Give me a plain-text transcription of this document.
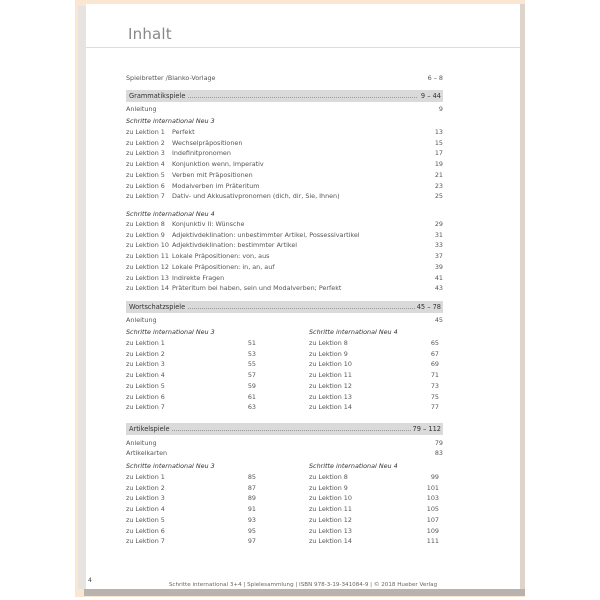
Inhalt
Spielbretter /Blanko-Vorlage	6 – 8
Grammatikspiele	9 – 44
Anleitung	9
Schritte international Neu 3
zu Lektion 1 Perfekt	13
zu Lektion 2 Wechselpräpositionen	15
zu Lektion 3 Indefinitpronomen	17
zu Lektion 4 Konjunktion wenn, Imperativ	19
zu Lektion 5 Verben mit Präpositionen	21
zu Lektion 6 Modalverben im Präteritum	23
zu Lektion 7 Dativ- und Akkusativpronomen (dich, dir, Sie, Ihnen)	25
Schritte international Neu 4
zu Lektion 8 Konjunktiv II: Wünsche	29
zu Lektion 9 Adjektivdeklination: unbestimmter Artikel, Possessivartikel	31
zu Lektion 10 Adjektivdeklination: bestimmter Artikel	33
zu Lektion 11 Lokale Präpositionen: von, aus	37
zu Lektion 12 Lokale Präpositionen: in, an, auf	39
zu Lektion 13 Indirekte Fragen	41
zu Lektion 14 Präteritum bei haben, sein und Modalverben; Perfekt	43
Wortschatzspiele	45 – 78
Anleitung	45
Schritte international Neu 3	Schritte international Neu 4
zu Lektion 1	51
zu Lektion 2	53
zu Lektion 3	55
zu Lektion 4	57
zu Lektion 5	59
zu Lektion 6	61
zu Lektion 7	63
zu Lektion 8	65
zu Lektion 9	67
zu Lektion 10	69
zu Lektion 11	71
zu Lektion 12	73
zu Lektion 13	75
zu Lektion 14	77
Artikelspiele	79 – 112
Anleitung	79
Artikelkarten	83
Schritte international Neu 3	Schritte international Neu 4
zu Lektion 1	85
zu Lektion 2	87
zu Lektion 3	89
zu Lektion 4	91
zu Lektion 5	93
zu Lektion 6	95
zu Lektion 7	97
zu Lektion 8	99
zu Lektion 9	101
zu Lektion 10	103
zu Lektion 11	105
zu Lektion 12	107
zu Lektion 13	109
zu Lektion 14	111
4
Schritte international 3+4 | Spielesammlung | ISBN 978-3-19-341084-9 | © 2018 Hueber Verlag
